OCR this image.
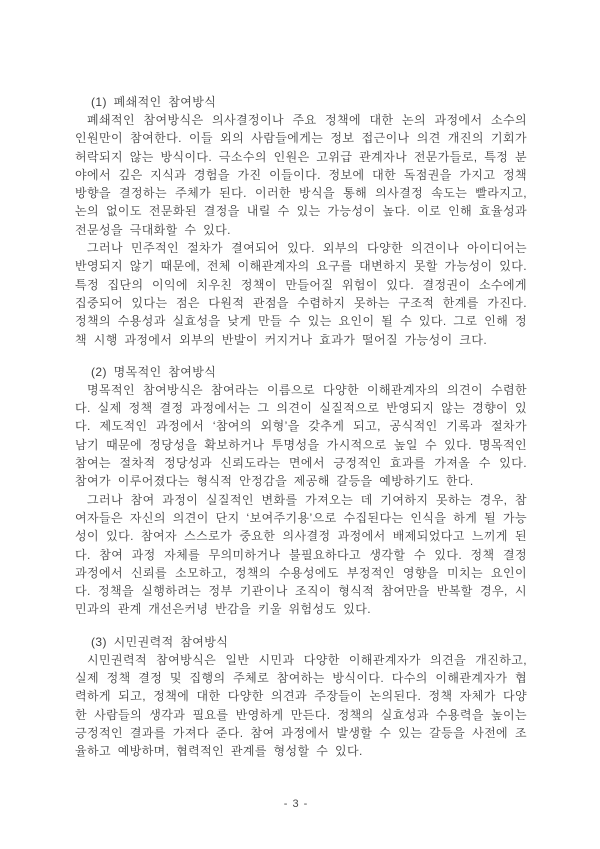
(1) 폐쇄적인 참여방식

폐쇄적인 참여방식은 의사결정이나 주요 정책에 대한 논의 과정에서 소수의 인원만이 참여한다. 이들 외의 사람들에게는 정보 접근이나 의견 개진의 기회가 허락되지 않는 방식이다. 극소수의 인원은 고위급 관계자나 전문가들로, 특정 분야에서 깊은 지식과 경험을 가진 이들이다. 정보에 대한 독점권을 가지고 정책 방향을 결정하는 주체가 된다. 이러한 방식을 통해 의사결정 속도는 빨라지고, 논의 없이도 전문화된 결정을 내릴 수 있는 가능성이 높다. 이로 인해 효율성과 전문성을 극대화할 수 있다.

그러나 민주적인 절차가 결여되어 있다. 외부의 다양한 의견이나 아이디어는 반영되지 않기 때문에, 전체 이해관계자의 요구를 대변하지 못할 가능성이 있다. 특정 집단의 이익에 치우친 정책이 만들어질 위험이 있다. 결정권이 소수에게 집중되어 있다는 점은 다원적 관점을 수렴하지 못하는 구조적 한계를 가진다. 정책의 수용성과 실효성을 낮게 만들 수 있는 요인이 될 수 있다. 그로 인해 정책 시행 과정에서 외부의 반발이 커지거나 효과가 떨어질 가능성이 크다.

(2) 명목적인 참여방식

명목적인 참여방식은 참여라는 이름으로 다양한 이해관계자의 의견이 수렴한다. 실제 정책 결정 과정에서는 그 의견이 실질적으로 반영되지 않는 경향이 있다. 제도적인 과정에서 ‘참여의 외형’을 갖추게 되고, 공식적인 기록과 절차가 남기 때문에 정당성을 확보하거나 투명성을 가시적으로 높일 수 있다. 명목적인 참여는 절차적 정당성과 신뢰도라는 면에서 긍정적인 효과를 가져올 수 있다. 참여가 이루어졌다는 형식적 안정감을 제공해 갈등을 예방하기도 한다.

그러나 참여 과정이 실질적인 변화를 가져오는 데 기여하지 못하는 경우, 참여자들은 자신의 의견이 단지 ‘보여주기용’으로 수집된다는 인식을 하게 될 가능성이 있다. 참여자 스스로가 중요한 의사결정 과정에서 배제되었다고 느끼게 된다. 참여 과정 자체를 무의미하거나 불필요하다고 생각할 수 있다. 정책 결정 과정에서 신뢰를 소모하고, 정책의 수용성에도 부정적인 영향을 미치는 요인이다. 정책을 실행하려는 정부 기관이나 조직이 형식적 참여만을 반복할 경우, 시민과의 관계 개선은커녕 반감을 키울 위험성도 있다.

(3) 시민권력적 참여방식

시민권력적 참여방식은 일반 시민과 다양한 이해관계자가 의견을 개진하고, 실제 정책 결정 및 집행의 주체로 참여하는 방식이다. 다수의 이해관계자가 협력하게 되고, 정책에 대한 다양한 의견과 주장들이 논의된다. 정책 자체가 다양한 사람들의 생각과 필요를 반영하게 만든다. 정책의 실효성과 수용력을 높이는 긍정적인 결과를 가져다 준다. 참여 과정에서 발생할 수 있는 갈등을 사전에 조율하고 예방하며, 협력적인 관계를 형성할 수 있다.

- 3 -
